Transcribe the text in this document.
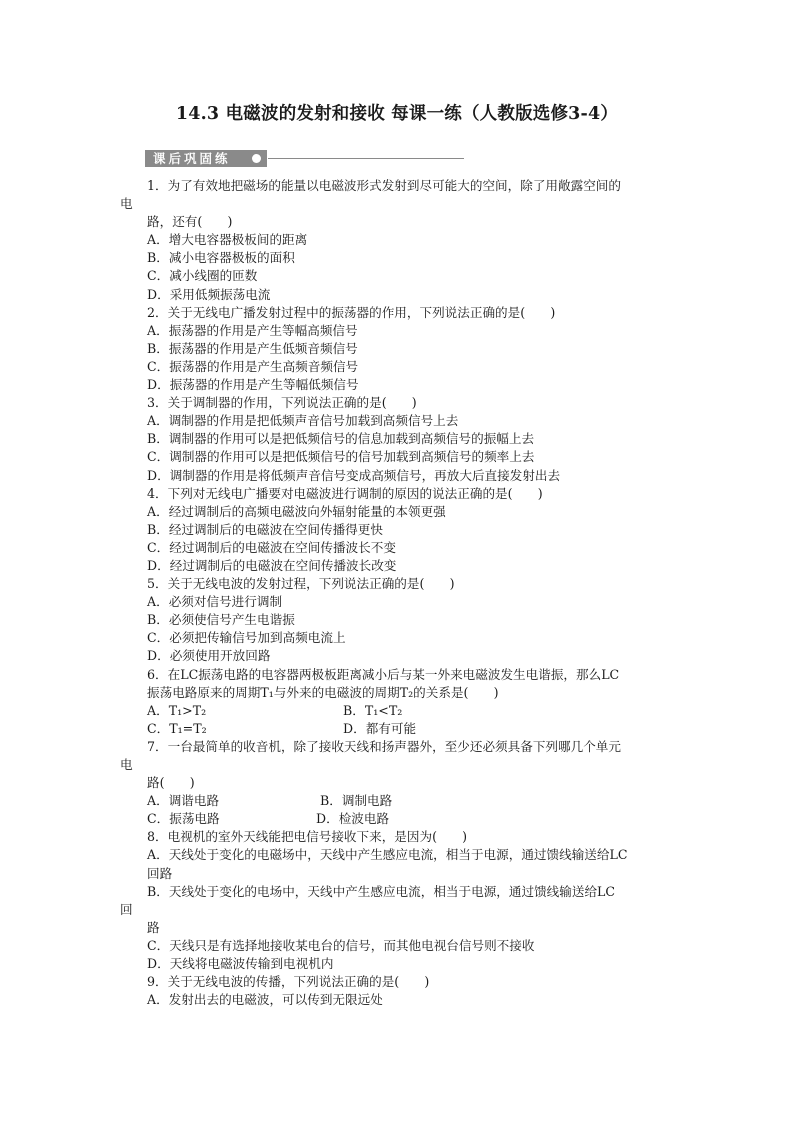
14.3 电磁波的发射和接收 每课一练（人教版选修3-4）
课后巩固练
1．为了有效地把磁场的能量以电磁波形式发射到尽可能大的空间，除了用敞露空间的
电
路，还有(　　)
A．增大电容器极板间的距离
B．减小电容器极板的面积
C．减小线圈的匝数
D．采用低频振荡电流
2．关于无线电广播发射过程中的振荡器的作用，下列说法正确的是(　　)
A．振荡器的作用是产生等幅高频信号
B．振荡器的作用是产生低频音频信号
C．振荡器的作用是产生高频音频信号
D．振荡器的作用是产生等幅低频信号
3．关于调制器的作用，下列说法正确的是(　　)
A．调制器的作用是把低频声音信号加载到高频信号上去
B．调制器的作用可以是把低频信号的信息加载到高频信号的振幅上去
C．调制器的作用可以是把低频信号的信号加载到高频信号的频率上去
D．调制器的作用是将低频声音信号变成高频信号，再放大后直接发射出去
4．下列对无线电广播要对电磁波进行调制的原因的说法正确的是(　　)
A．经过调制后的高频电磁波向外辐射能量的本领更强
B．经过调制后的电磁波在空间传播得更快
C．经过调制后的电磁波在空间传播波长不变
D．经过调制后的电磁波在空间传播波长改变
5．关于无线电波的发射过程，下列说法正确的是(　　)
A．必须对信号进行调制
B．必须使信号产生电谐振
C．必须把传输信号加到高频电流上
D．必须使用开放回路
6．在LC振荡电路的电容器两极板距离减小后与某一外来电磁波发生电谐振，那么LC
振荡电路原来的周期T₁与外来的电磁波的周期T₂的关系是(　　)
A．T₁>T₂	B．T₁<T₂
C．T₁=T₂	D．都有可能
7．一台最简单的收音机，除了接收天线和扬声器外，至少还必须具备下列哪几个单元
电
路(　　)
A．调谐电路	B．调制电路
C．振荡电路	D．检波电路
8．电视机的室外天线能把电信号接收下来，是因为(　　)
A．天线处于变化的电磁场中，天线中产生感应电流，相当于电源，通过馈线输送给LC
回路
B．天线处于变化的电场中，天线中产生感应电流，相当于电源，通过馈线输送给LC
回
路
C．天线只是有选择地接收某电台的信号，而其他电视台信号则不接收
D．天线将电磁波传输到电视机内
9．关于无线电波的传播，下列说法正确的是(　　)
A．发射出去的电磁波，可以传到无限远处
